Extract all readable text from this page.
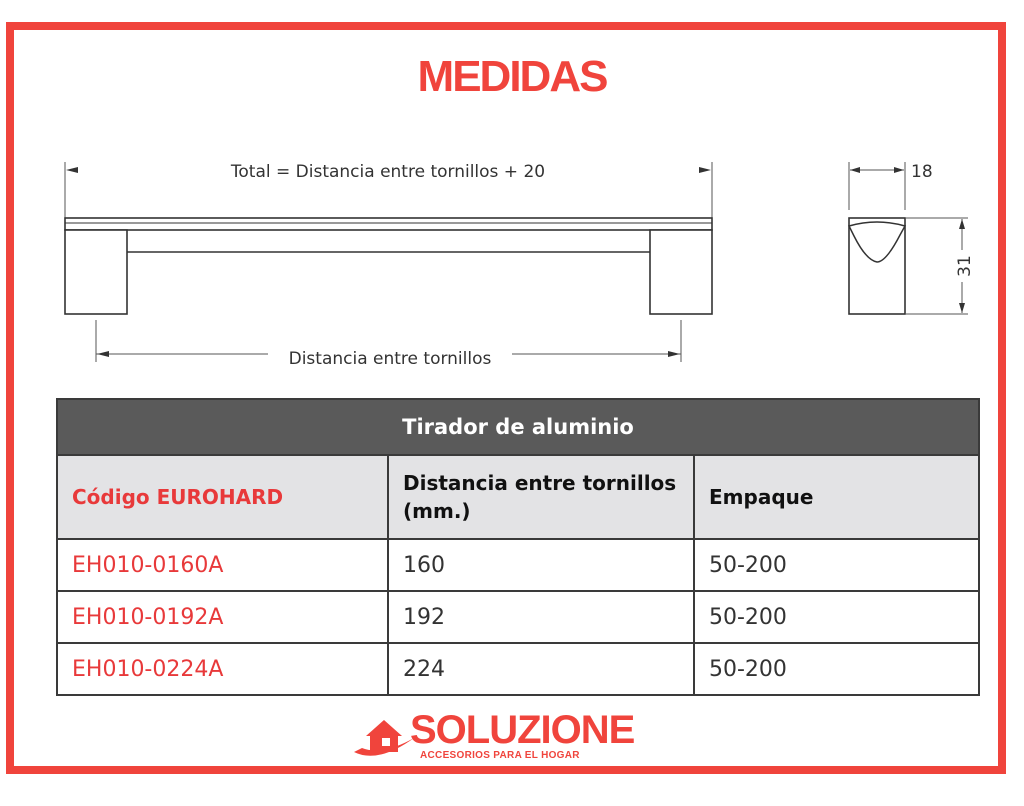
MEDIDAS
Total = Distancia entre tornillos + 20
Distancia entre tornillos
18
31
Tirador de aluminio		
Código EUROHARD	Distancia entre tornillos (mm.)	Empaque
EH010-0160A	160	50-200
EH010-0192A	192	50-200
EH010-0224A	224	50-200
SOLUZIONE
ACCESORIOS PARA EL HOGAR
